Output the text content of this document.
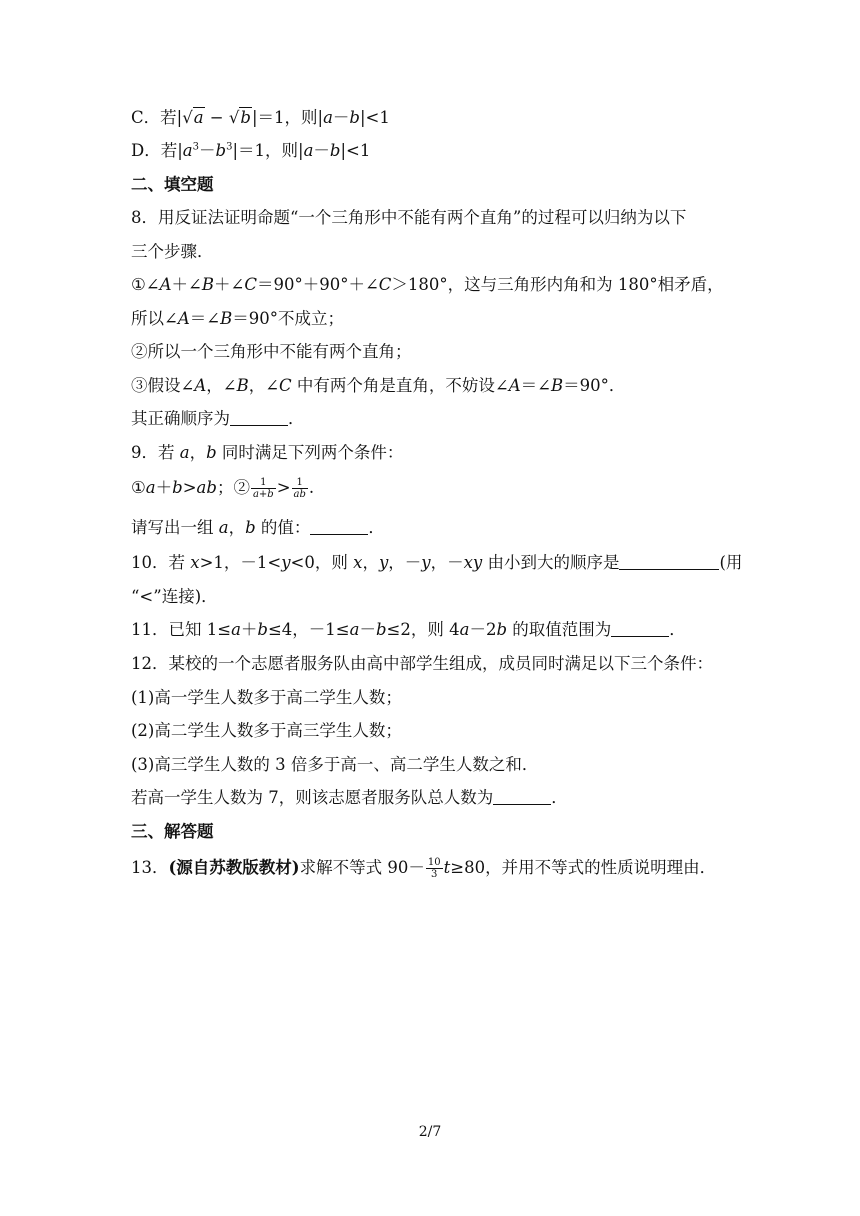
C．若|√a − √b|＝1，则|a－b|<1
D．若$|a^3-b^3|=1$，则|a－b|<1
二、填空题
8．用反证法证明命题“一个三角形中不能有两个直角”的过程可以归纳为以下
三个步骤．
①∠A＋∠B＋∠C＝90°＋90°＋∠C＞180°，这与三角形内角和为 180°相矛盾，
所以∠A＝∠B＝90°不成立；
②所以一个三角形中不能有两个直角；
③假设∠A，∠B，∠C 中有两个角是直角，不妨设∠A＝∠B＝90°．
其正确顺序为	．
9．若 a，b 同时满足下列两个条件：
①a＋b>ab；② $\frac{1}{a+b} > \frac{1}{ab}$ .
请写出一组 a，b 的值：	．
10．若 x>1，－1<y<0，则 x，y，－y，－xy 由小到大的顺序是	(用
“<”连接)．
11．已知 1≤a＋b≤4，－1≤a－b≤2，则 4a－2b 的取值范围为	．
12．某校的一个志愿者服务队由高中部学生组成，成员同时满足以下三个条件：
(1)高一学生人数多于高二学生人数；
(2)高二学生人数多于高三学生人数；
(3)高三学生人数的 3 倍多于高一、高二学生人数之和．
若高一学生人数为 7，则该志愿者服务队总人数为	．
三、解答题
13．(源自苏教版教材)求解不等式 $90- \frac{10}{3} t\ge 80$，并用不等式的性质说明理由．
2/7
